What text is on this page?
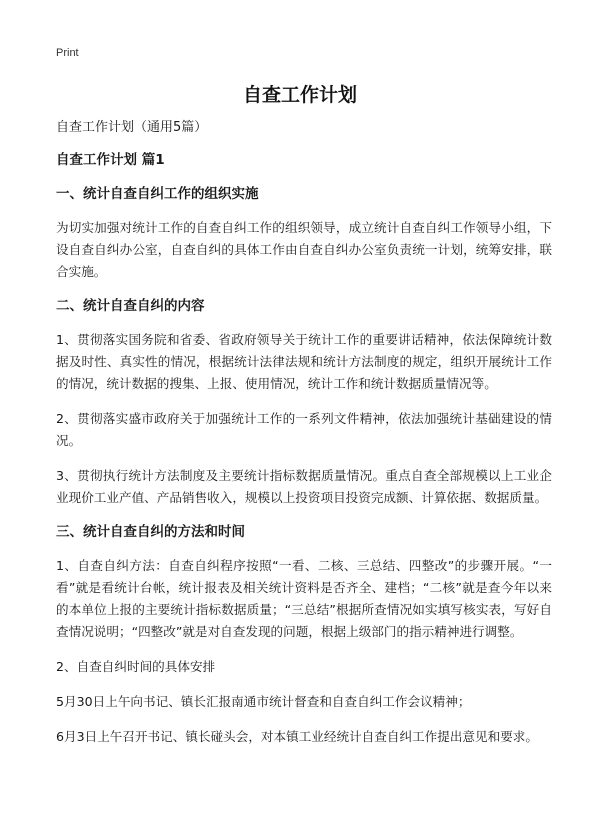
Print
自查工作计划

自查工作计划（通用5篇）

自查工作计划 篇1

一、统计自查自纠工作的组织实施

为切实加强对统计工作的自查自纠工作的组织领导，成立统计自查自纠工作领导小组，下设自查自纠办公室，自查自纠的具体工作由自查自纠办公室负责统一计划，统筹安排，联合实施。

二、统计自查自纠的内容

1、贯彻落实国务院和省委、省政府领导关于统计工作的重要讲话精神，依法保障统计数据及时性、真实性的情况，根据统计法律法规和统计方法制度的规定，组织开展统计工作的情况，统计数据的搜集、上报、使用情况，统计工作和统计数据质量情况等。

2、贯彻落实盛市政府关于加强统计工作的一系列文件精神，依法加强统计基础建设的情况。

3、贯彻执行统计方法制度及主要统计指标数据质量情况。重点自查全部规模以上工业企业现价工业产值、产品销售收入，规模以上投资项目投资完成额、计算依据、数据质量。

三、统计自查自纠的方法和时间

1、自查自纠方法：自查自纠程序按照“一看、二核、三总结、四整改”的步骤开展。“一看”就是看统计台帐，统计报表及相关统计资料是否齐全、建档；“二核”就是查今年以来的本单位上报的主要统计指标数据质量；“三总结”根据所查情况如实填写核实表，写好自查情况说明；“四整改”就是对自查发现的问题，根据上级部门的指示精神进行调整。

2、自查自纠时间的具体安排

5月30日上午向书记、镇长汇报南通市统计督查和自查自纠工作会议精神；

6月3日上午召开书记、镇长碰头会，对本镇工业经统计自查自纠工作提出意见和要求。
